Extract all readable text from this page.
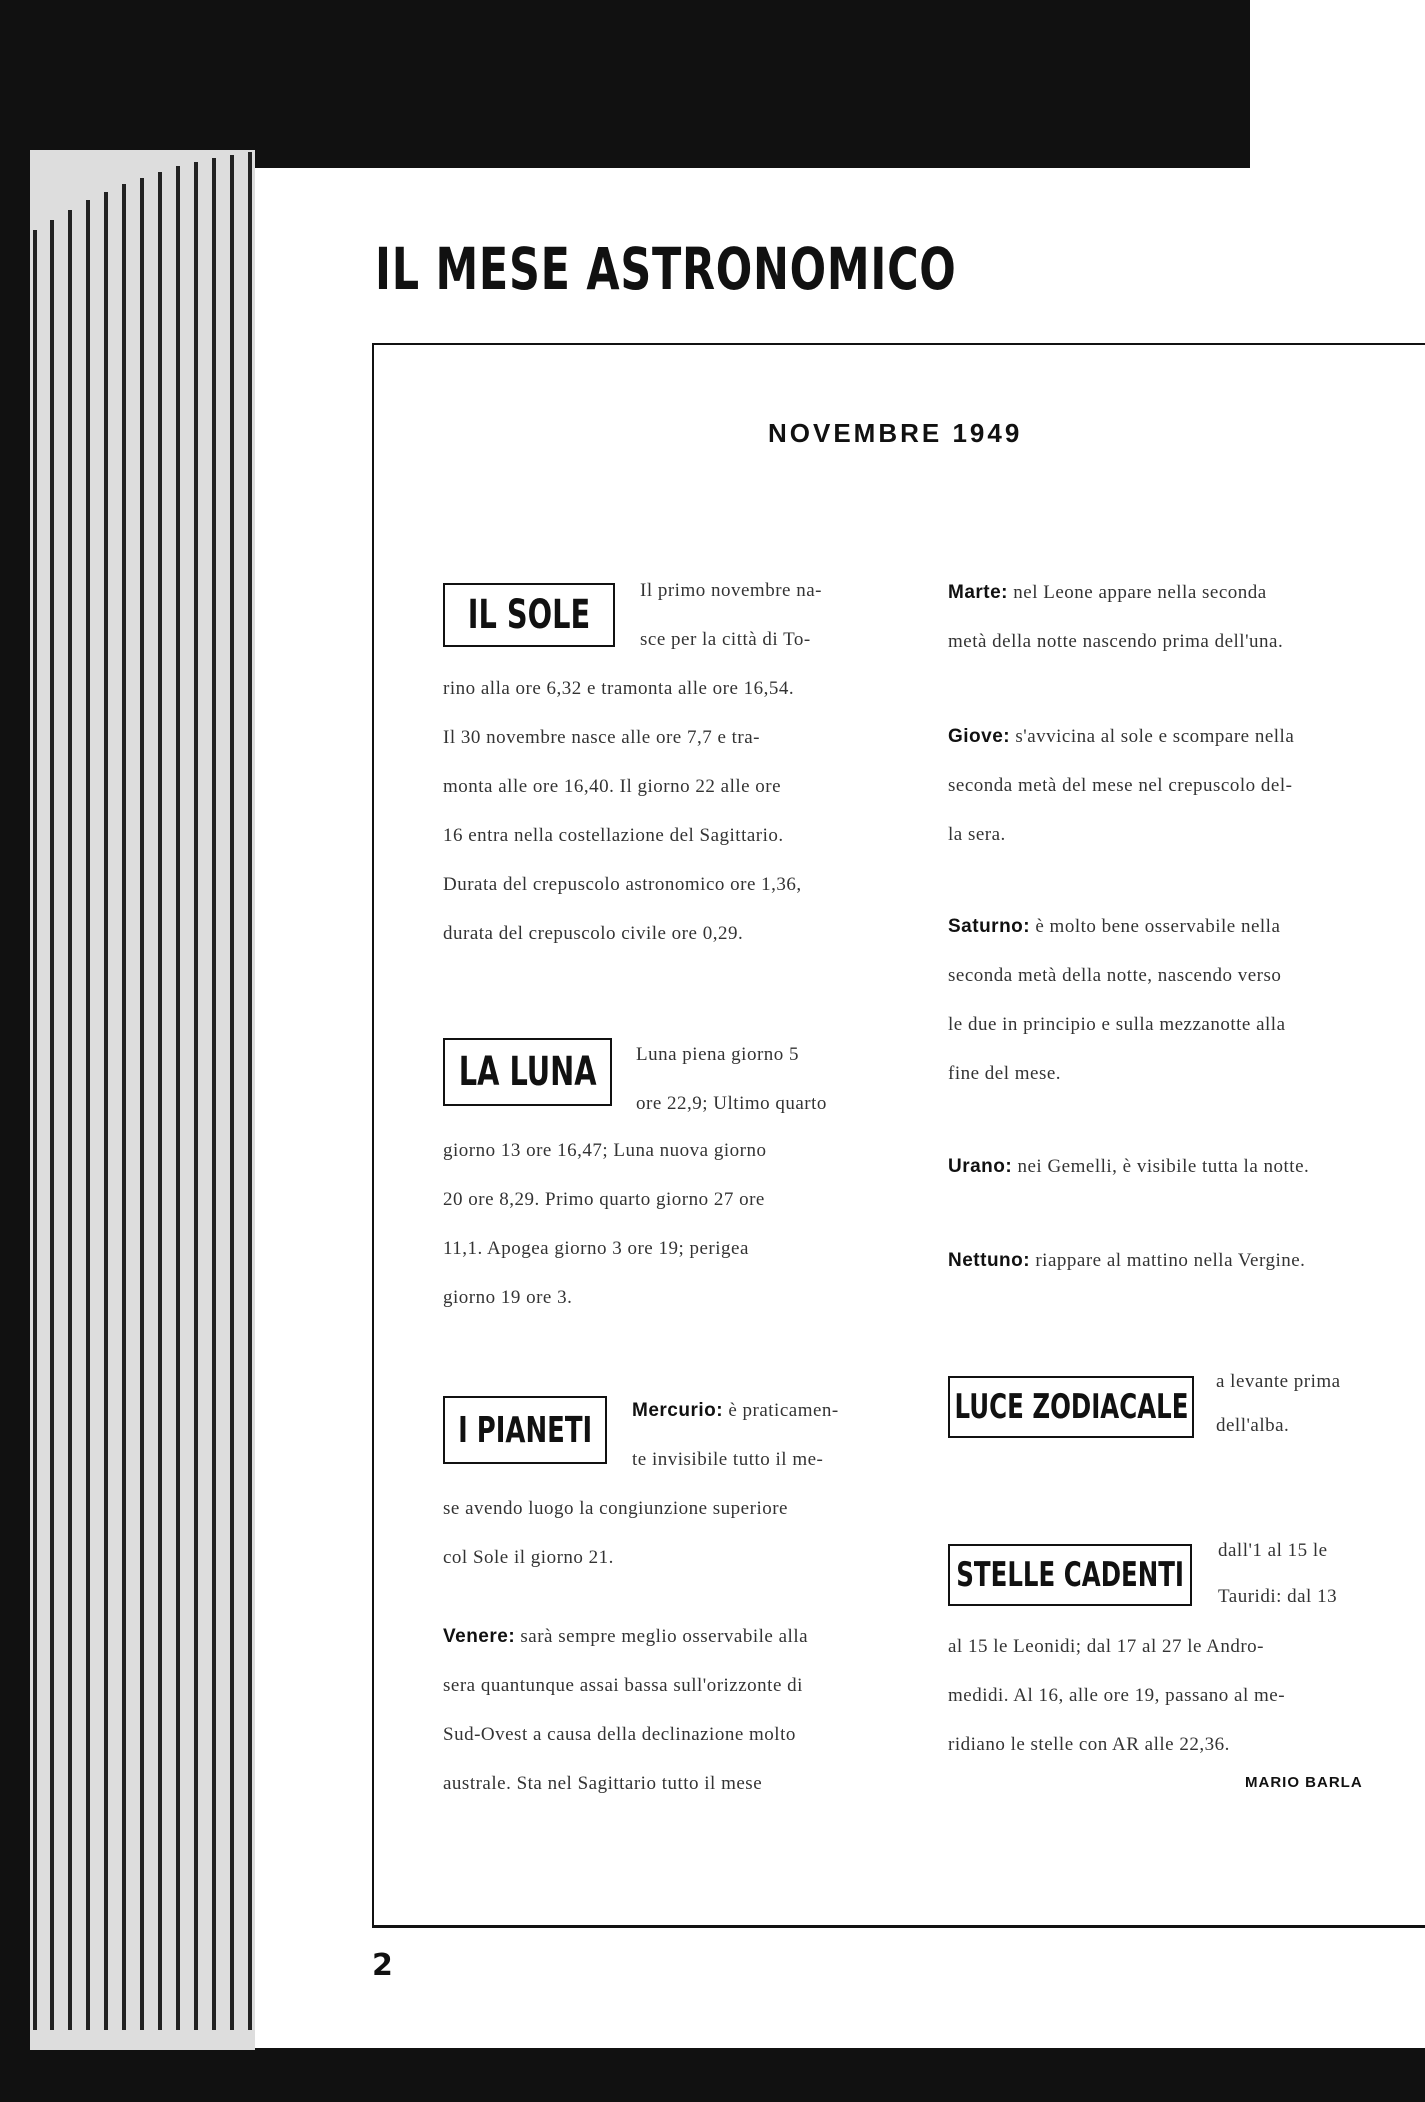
IL MESE ASTRONOMICO
NOVEMBRE 1949
IL SOLE
Il primo novembre na-
sce per la città di To-
rino alla ore 6,32 e tramonta alle ore 16,54.
Il 30 novembre nasce alle ore 7,7 e tra-
monta alle ore 16,40. Il giorno 22 alle ore
16 entra nella costellazione del Sagittario.
Durata del crepuscolo astronomico ore 1,36,
durata del crepuscolo civile ore 0,29.
LA LUNA Luna piena giorno 5
ore 22,9; Ultimo quarto
giorno 13 ore 16,47; Luna nuova giorno
20 ore 8,29. Primo quarto giorno 27 ore
11,1. Apogea giorno 3 ore 19; perigea
giorno 19 ore 3.
I PIANETI Mercurio: è praticamen-
te invisibile tutto il me-
se avendo luogo la congiunzione superiore
col Sole il giorno 21.
Venere: sarà sempre meglio osservabile alla
sera quantunque assai bassa sull'orizzonte di
Sud-Ovest a causa della declinazione molto
australe. Sta nel Sagittario tutto il mese
Marte: nel Leone appare nella seconda
metà della notte nascendo prima dell'una.
Giove: s'avvicina al sole e scompare nella
seconda metà del mese nel crepuscolo del-
la sera.
Saturno: è molto bene osservabile nella
seconda metà della notte, nascendo verso
le due in principio e sulla mezzanotte alla
fine del mese.
Urano: nei Gemelli, è visibile tutta la notte.
Nettuno: riappare al mattino nella Vergine.
LUCE ZODIACALE
a levante prima
dell'alba.
STELLE CADENTI
dall'1 al 15 le
Tauridi: dal 13
al 15 le Leonidi; dal 17 al 27 le Andro-
medidi. Al 16, alle ore 19, passano al me-
ridiano le stelle con AR alle 22,36.
MARIO BARLA
2
